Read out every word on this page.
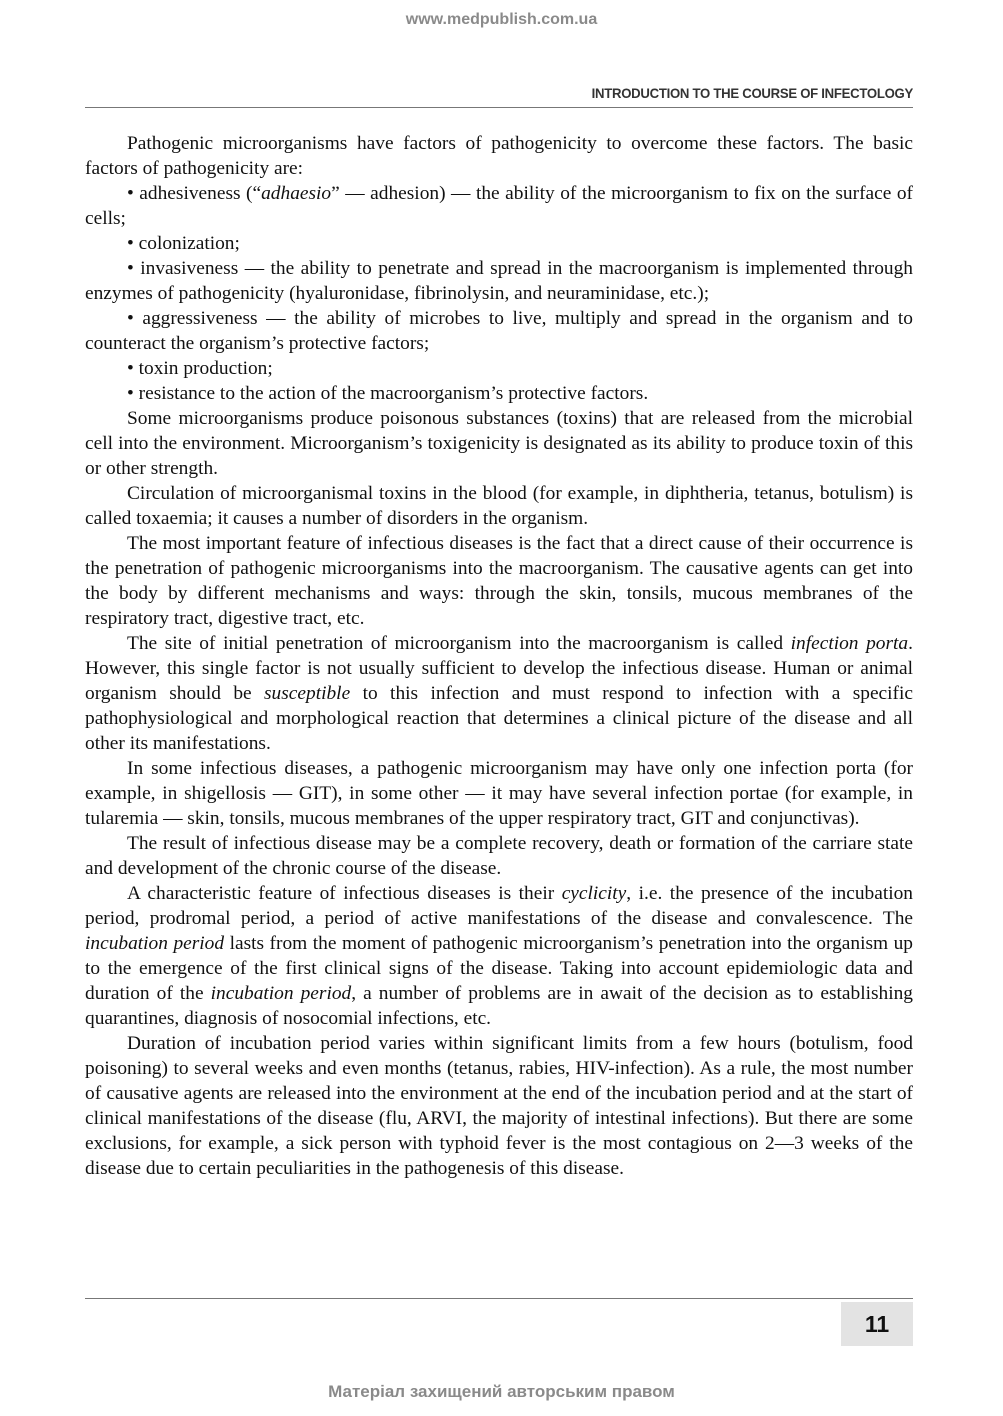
www.medpublish.com.ua
INTRODUCTION TO THE COURSE OF INFECTOLOGY

Pathogenic microorganisms have factors of pathogenicity to overcome these factors. The basic factors of pathogenicity are:

• adhesiveness (“adhaesio” — adhesion) — the ability of the microorganism to fix on the surface of cells;

• colonization;

• invasiveness — the ability to penetrate and spread in the macroorganism is implemented through enzymes of pathogenicity (hyaluronidase, fibrinolysin, and neuraminidase, etc.);

• aggressiveness — the ability of microbes to live, multiply and spread in the organism and to counteract the organism’s protective factors;

• toxin production;

• resistance to the action of the macroorganism’s protective factors.

Some microorganisms produce poisonous substances (toxins) that are released from the microbial cell into the environment. Microorganism’s toxigenicity is designated as its ability to produce toxin of this or other strength.

Circulation of microorganismal toxins in the blood (for example, in diphtheria, tetanus, botulism) is called toxaemia; it causes a number of disorders in the organism.

The most important feature of infectious diseases is the fact that a direct cause of their occurrence is the penetration of pathogenic microorganisms into the macroorganism. The causative agents can get into the body by different mechanisms and ways: through the skin, tonsils, mucous membranes of the respiratory tract, digestive tract, etc.

The site of initial penetration of microorganism into the macroorganism is called infection porta. However, this single factor is not usually sufficient to develop the infectious disease. Human or animal organism should be susceptible to this infection and must respond to infection with a specific pathophysiological and morphological reaction that determines a clinical picture of the disease and all other its manifestations.

In some infectious diseases, a pathogenic microorganism may have only one infection porta (for example, in shigellosis — GIT), in some other — it may have several infection portae (for example, in tularemia — skin, tonsils, mucous membranes of the upper respiratory tract, GIT and conjunctivas).

The result of infectious disease may be a complete recovery, death or formation of the carriare state and development of the chronic course of the disease.

A characteristic feature of infectious diseases is their cyclicity, i.e. the presence of the incubation period, prodromal period, a period of active manifestations of the disease and convalescence. The incubation period lasts from the moment of pathogenic microorganism’s penetration into the organism up to the emergence of the first clinical signs of the disease. Taking into account epidemiologic data and duration of the incubation period, a number of problems are in await of the decision as to establishing quarantines, diagnosis of nosocomial infections, etc.

Duration of incubation period varies within significant limits from a few hours (botulism, food poisoning) to several weeks and even months (tetanus, rabies, HIV-infection). As a rule, the most number of causative agents are released into the environment at the end of the incubation period and at the start of clinical manifestations of the disease (flu, ARVI, the majority of intestinal infections). But there are some exclusions, for example, a sick person with typhoid fever is the most contagious on 2—3 weeks of the disease due to certain peculiarities in the pathogenesis of this disease.

11
Матеріал захищений авторським правом
